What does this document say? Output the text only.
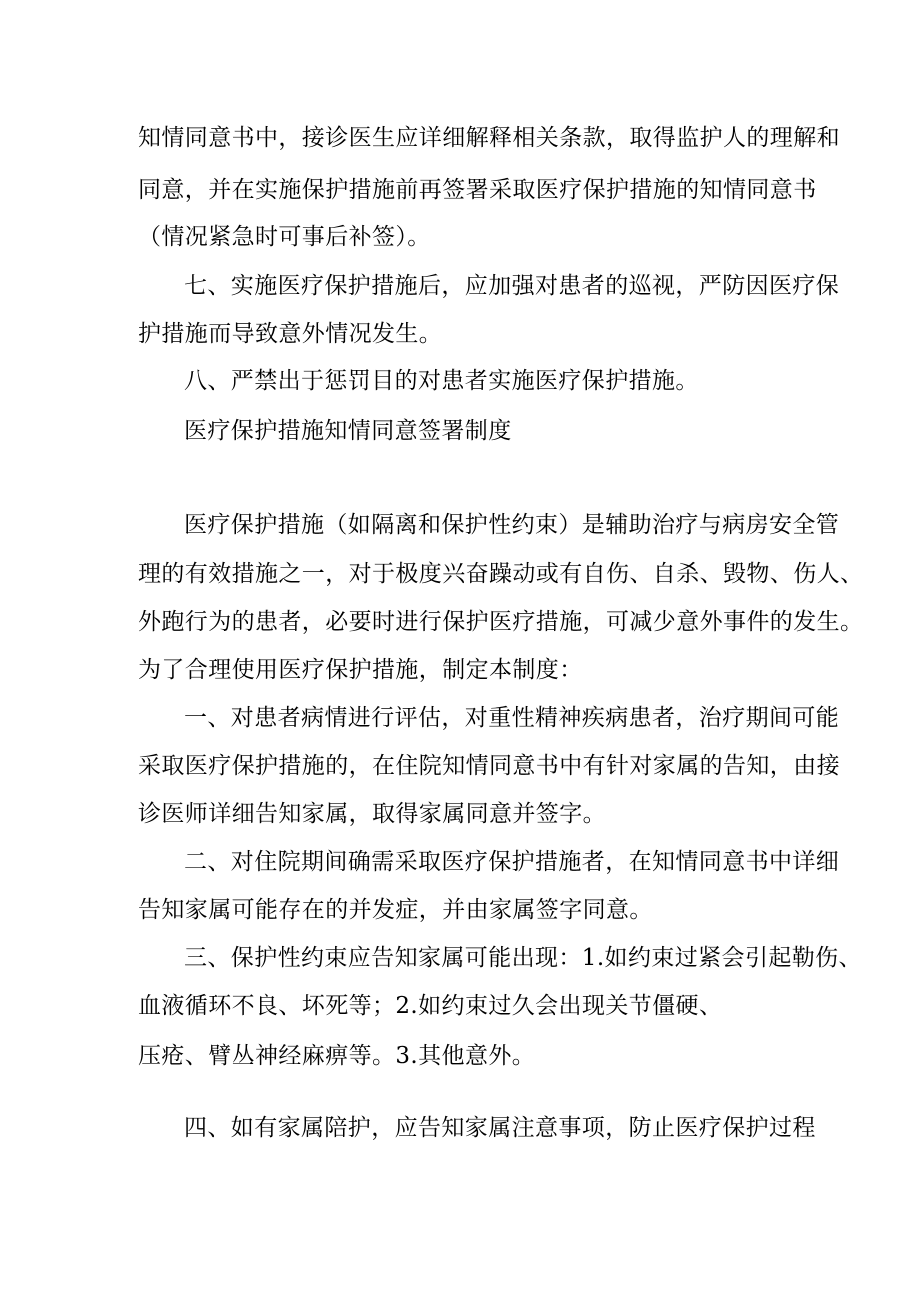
知情同意书中，接诊医生应详细解释相关条款，取得监护人的理解和
同意，并在实施保护措施前再签署采取医疗保护措施的知情同意书
（情况紧急时可事后补签）。
七、实施医疗保护措施后，应加强对患者的巡视，严防因医疗保
护措施而导致意外情况发生。
八、严禁出于惩罚目的对患者实施医疗保护措施。
医疗保护措施知情同意签署制度
医疗保护措施（如隔离和保护性约束）是辅助治疗与病房安全管
理的有效措施之一，对于极度兴奋躁动或有自伤、自杀、毁物、伤人、
外跑行为的患者，必要时进行保护医疗措施，可减少意外事件的发生。
为了合理使用医疗保护措施，制定本制度：
一、对患者病情进行评估，对重性精神疾病患者，治疗期间可能
采取医疗保护措施的，在住院知情同意书中有针对家属的告知，由接
诊医师详细告知家属，取得家属同意并签字。
二、对住院期间确需采取医疗保护措施者，在知情同意书中详细
告知家属可能存在的并发症，并由家属签字同意。
三、保护性约束应告知家属可能出现：1.如约束过紧会引起勒伤、
血液循环不良、坏死等；2.如约束过久会出现关节僵硬、
压疮、臂丛神经麻痹等。3.其他意外。
四、如有家属陪护，应告知家属注意事项，防止医疗保护过程
